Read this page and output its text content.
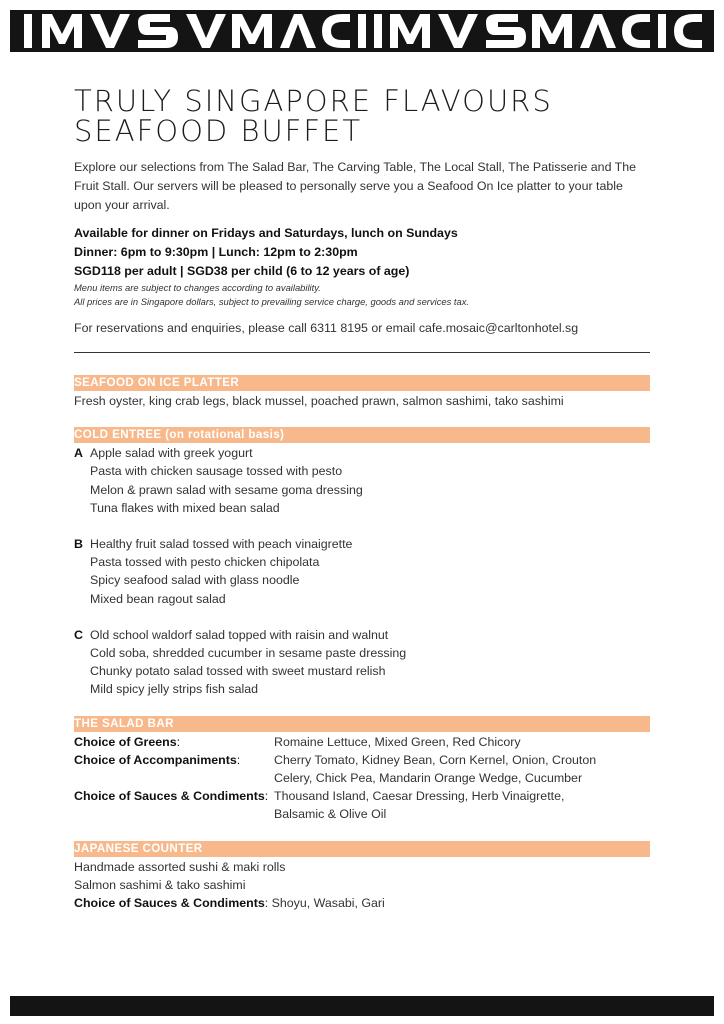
TRULY SINGAPORE FLAVOURS
SEAFOOD BUFFET

Explore our selections from The Salad Bar, The Carving Table, The Local Stall, The Patisserie and The Fruit Stall. Our servers will be pleased to personally serve you a Seafood On Ice platter to your table upon your arrival.

Available for dinner on Fridays and Saturdays, lunch on Sundays
Dinner: 6pm to 9:30pm | Lunch: 12pm to 2:30pm
SGD118 per adult | SGD38 per child (6 to 12 years of age)
Menu items are subject to changes according to availability.
All prices are in Singapore dollars, subject to prevailing service charge, goods and services tax.

For reservations and enquiries, please call 6311 8195 or email cafe.mosaic@carltonhotel.sg

SEAFOOD ON ICE PLATTER
Fresh oyster, king crab legs, black mussel, poached prawn, salmon sashimi, tako sashimi
COLD ENTREE (on rotational basis)
A Apple salad with greek yogurt
Pasta with chicken sausage tossed with pesto
Melon & prawn salad with sesame goma dressing
Tuna flakes with mixed bean salad
B Healthy fruit salad tossed with peach vinaigrette
Pasta tossed with pesto chicken chipolata
Spicy seafood salad with glass noodle
Mixed bean ragout salad
C Old school waldorf salad topped with raisin and walnut
Cold soba, shredded cucumber in sesame paste dressing
Chunky potato salad tossed with sweet mustard relish
Mild spicy jelly strips fish salad
THE SALAD BAR
Choice of Greens:	Romaine Lettuce, Mixed Green, Red Chicory
Choice of Accompaniments:	Cherry Tomato, Kidney Bean, Corn Kernel, Onion, Crouton
Celery, Chick Pea, Mandarin Orange Wedge, Cucumber
Choice of Sauces & Condiments: Thousand Island, Caesar Dressing, Herb Vinaigrette,
Balsamic & Olive Oil
JAPANESE COUNTER
Handmade assorted sushi & maki rolls
Salmon sashimi & tako sashimi
Choice of Sauces & Condiments: Shoyu, Wasabi, Gari
